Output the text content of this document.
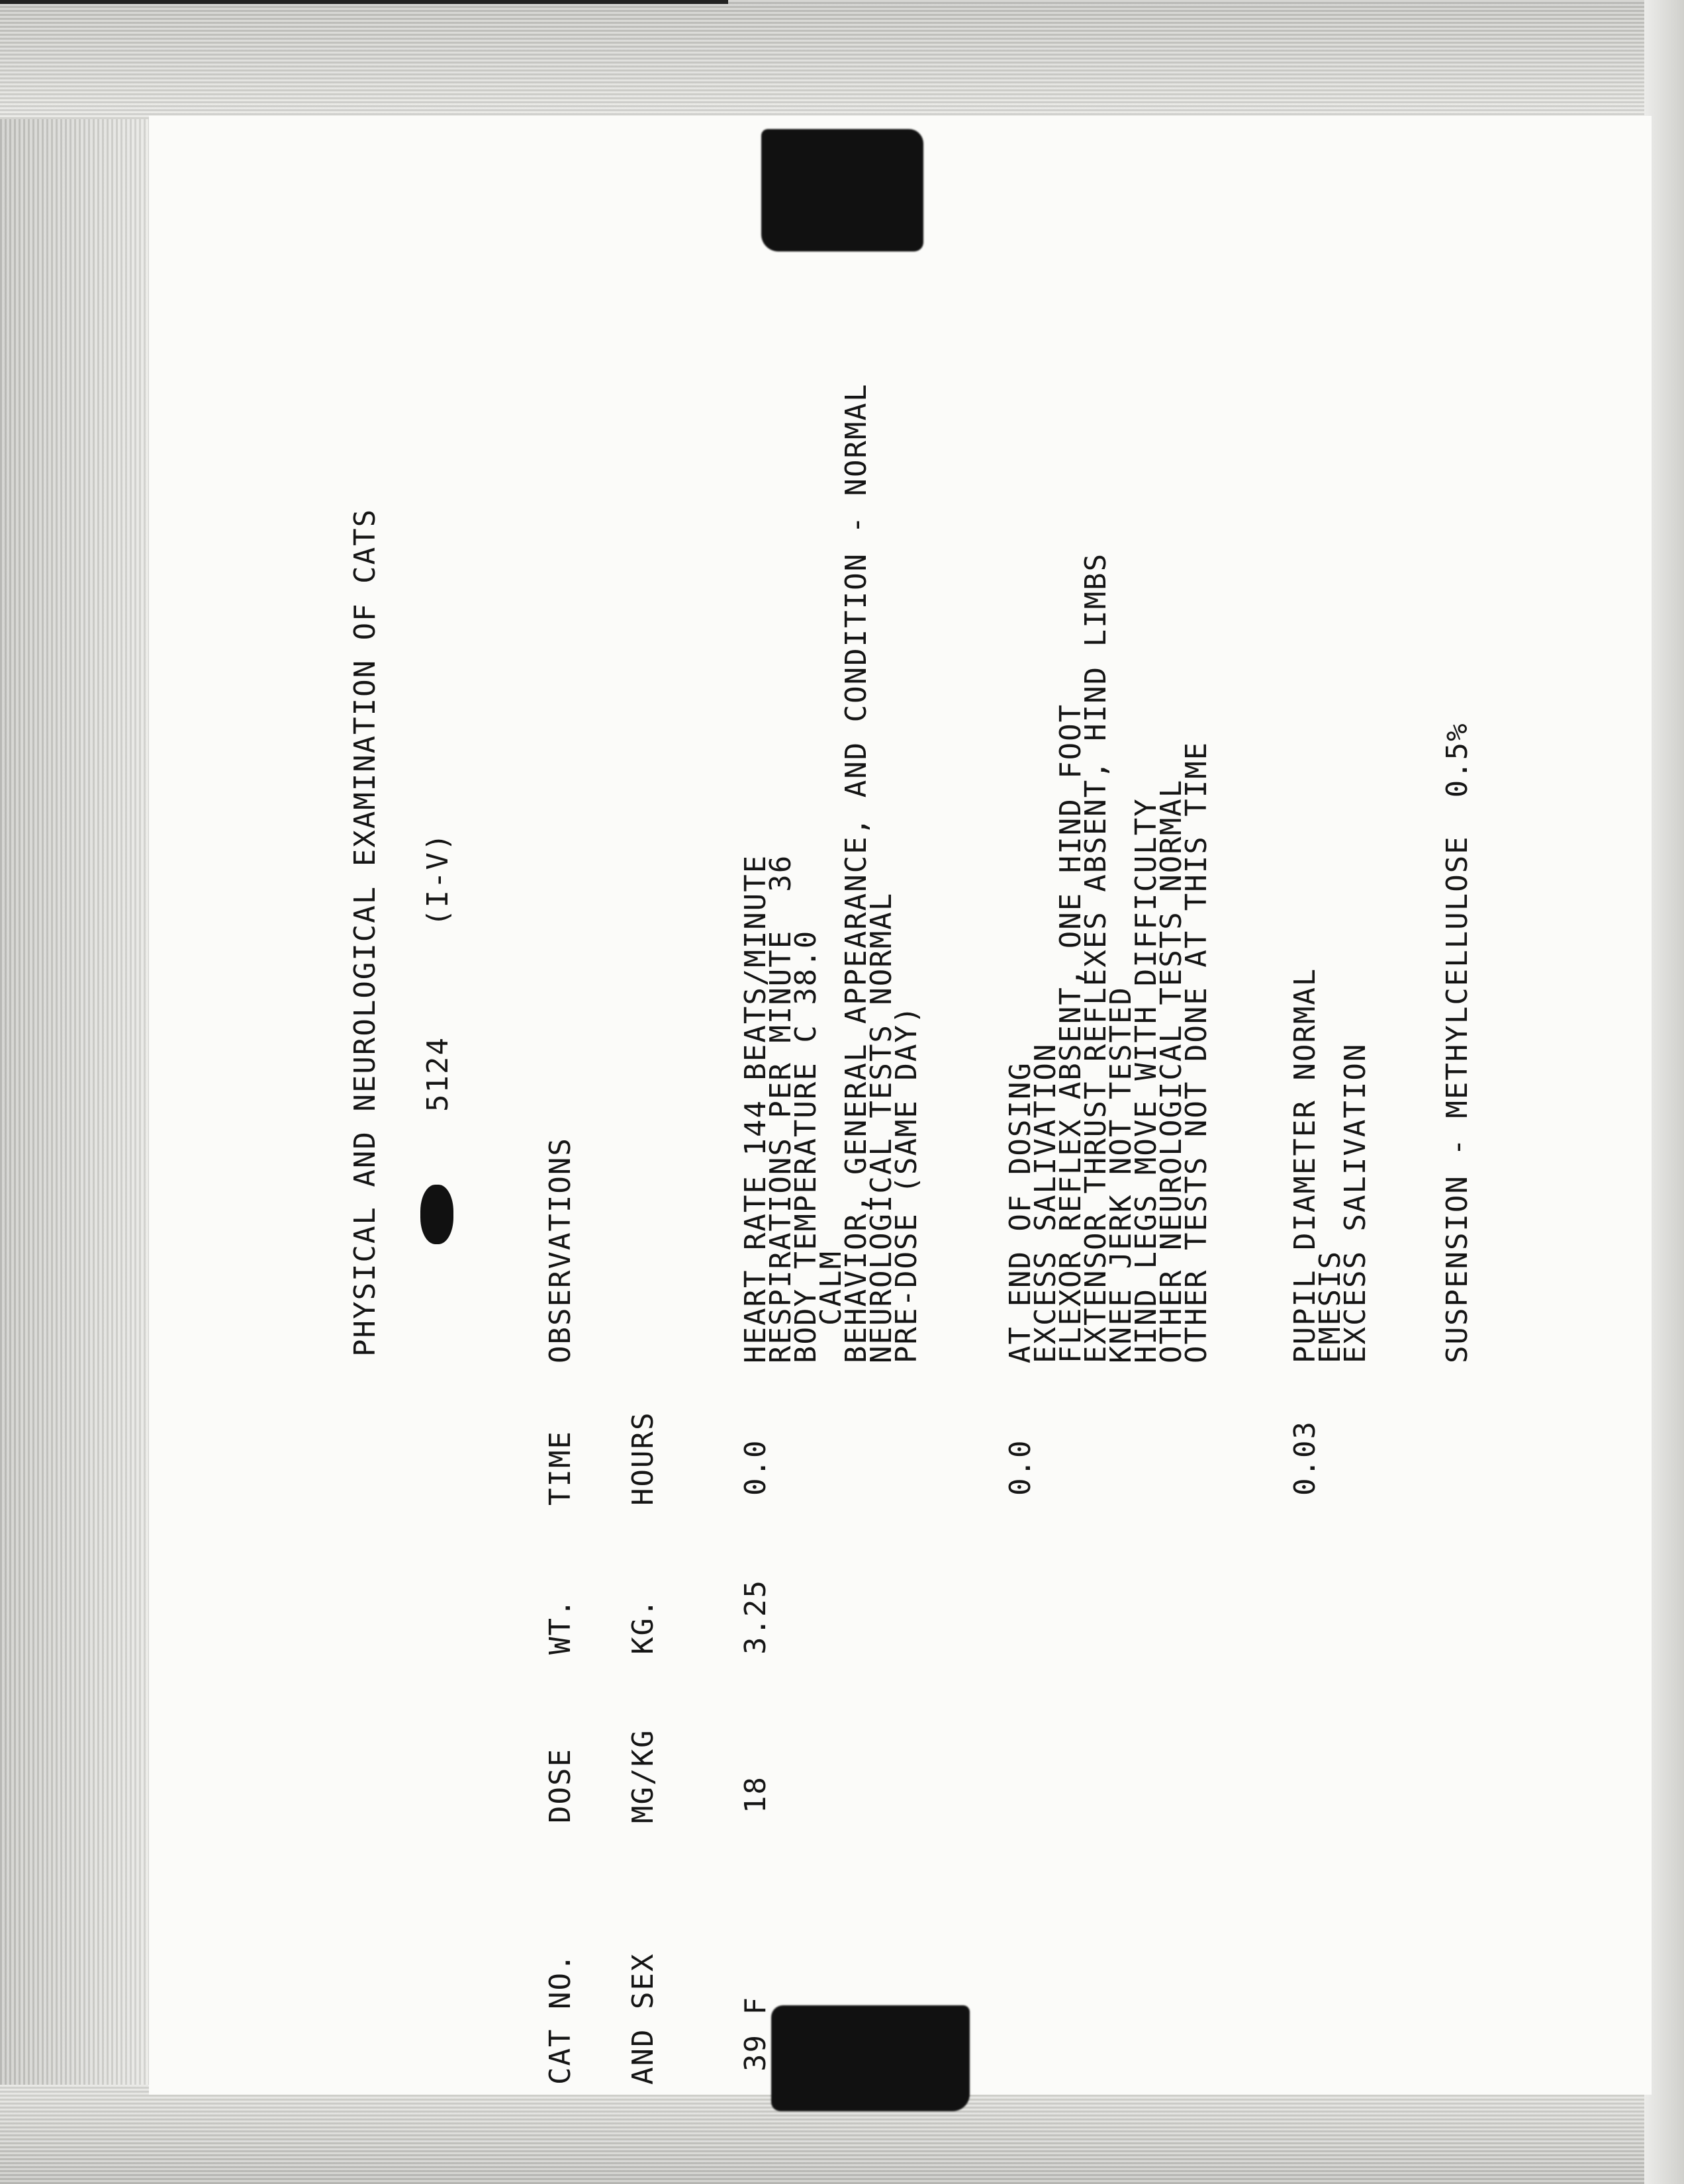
PHYSICAL AND NEUROLOGICAL EXAMINATION OF CATS 5124
(I-V)
CAT NO.
DOSE
WT.
TIME
OBSERVATIONS
AND SEX
MG/KG
KG.
HOURS
39 F
18
3.25
0.0
HEART RATE 144 BEATS/MINUTE
RESPIRATIONS PER MINUTE  36
BODY TEMPERATURE C 38.0
CALM
BEHAVIOR, GENERAL APPEARANCE, AND CONDITION - NORMAL
NEUROLOGICAL TESTS NORMAL
PRE-DOSE (SAME DAY)
0.0
AT END OF DOSING
EXCESS SALIVATION
FLEXOR REFLEX ABSENT, ONE HIND FOOT
EXTENSOR THRUST REFLEXES ABSENT, HIND LIMBS
KNEE JERK NOT TESTED
HIND LEGS MOVE WITH DIFFICULTY
OTHER NEUROLOGICAL TESTS NORMAL
OTHER TESTS NOT DONE AT THIS TIME
0.03
PUPIL DIAMETER NORMAL
EMESIS
EXCESS SALIVATION SUSPENSION - METHYLCELLULOSE  0.5%
